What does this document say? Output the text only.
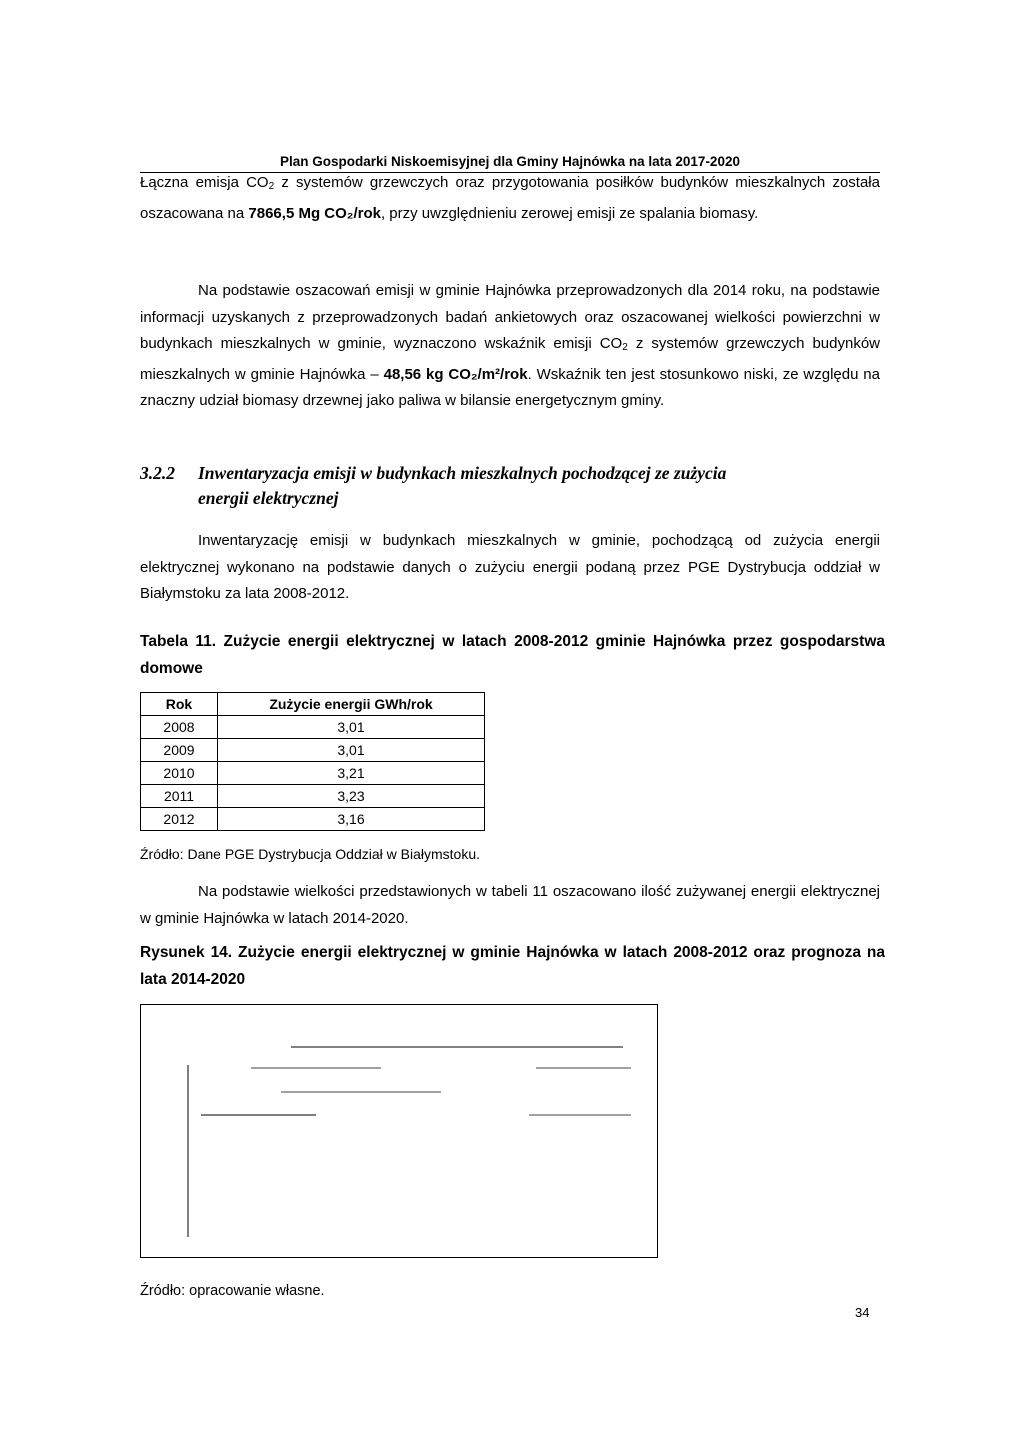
Plan Gospodarki Niskoemisyjnej dla Gminy Hajnówka na lata 2017-2020

Łączna emisja $CO_2$ z systemów grzewczych oraz przygotowania posiłków budynków mieszkalnych została oszacowana na 7866,5 Mg CO₂/rok, przy uwzględnieniu zerowej emisji ze spalania biomasy.

Na podstawie oszacowań emisji w gminie Hajnówka przeprowadzonych dla 2014 roku, na podstawie informacji uzyskanych z przeprowadzonych badań ankietowych oraz oszacowanej wielkości powierzchni w budynkach mieszkalnych w gminie, wyznaczono wskaźnik emisji $CO_2$ z systemów grzewczych budynków mieszkalnych w gminie Hajnówka – 48,56 kg CO₂/m²/rok. Wskaźnik ten jest stosunkowo niski, ze względu na znaczny udział biomasy drzewnej jako paliwa w bilansie energetycznym gminy.

3.2.2 Inwentaryzacja emisji w budynkach mieszkalnych pochodzącej ze zużycia
energii elektrycznej

Inwentaryzację emisji w budynkach mieszkalnych w gminie, pochodzącą od zużycia energii elektrycznej wykonano na podstawie danych o zużyciu energii podaną przez PGE Dystrybucja oddział w Białymstoku za lata 2008-2012.

Tabela 11. Zużycie energii elektrycznej w latach 2008-2012 gminie Hajnówka przez gospodarstwa domowe
Rok	Zużycie energii GWh/rok
2008	3,01
2009	3,01
2010	3,21
2011	3,23
2012	3,16
Źródło: Dane PGE Dystrybucja Oddział w Białymstoku.

Na podstawie wielkości przedstawionych w tabeli 11 oszacowano ilość zużywanej energii elektrycznej w gminie Hajnówka w latach 2014-2020.

Rysunek 14. Zużycie energii elektrycznej w gminie Hajnówka w latach 2008-2012 oraz prognoza na lata 2014-2020
Źródło: opracowanie własne.
34
